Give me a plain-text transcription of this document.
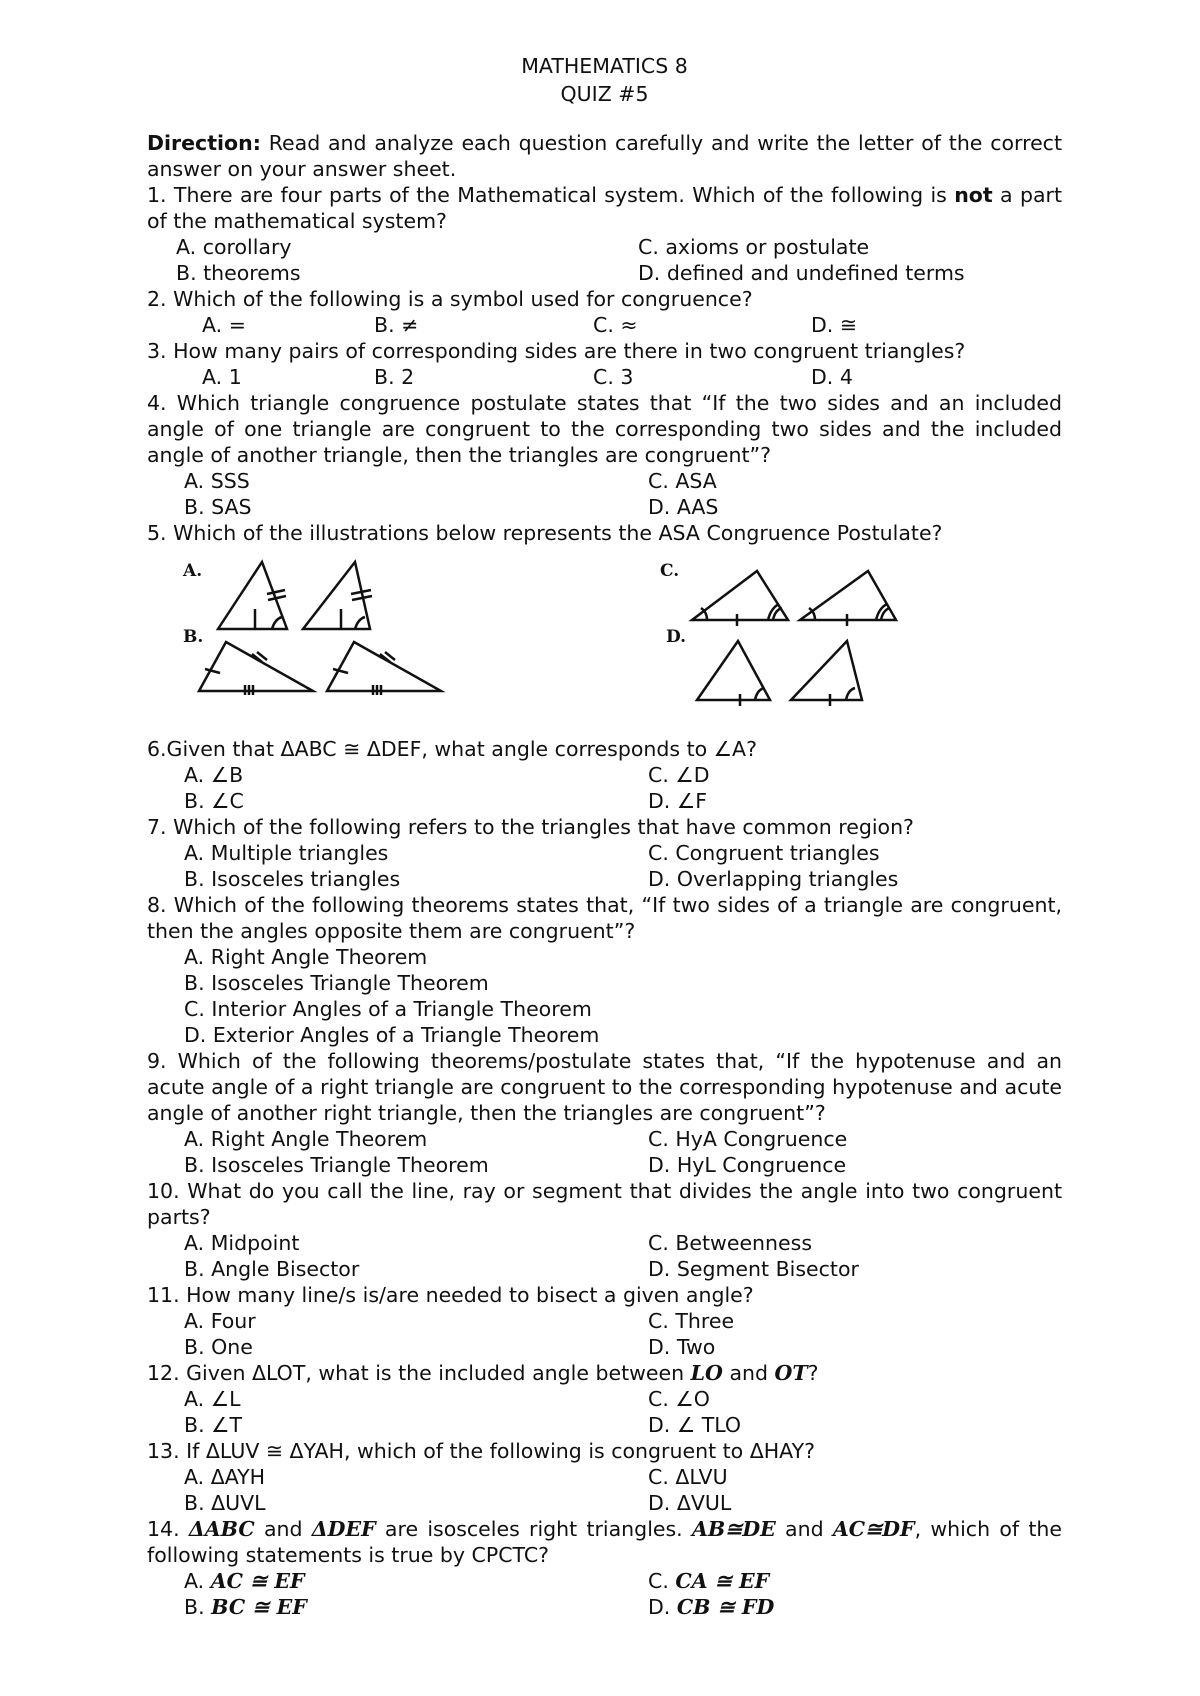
MATHEMATICS 8
QUIZ #5
Direction: Read and analyze each question carefully and write the letter of the correct answer on your answer sheet.
1. There are four parts of the Mathematical system. Which of the following is not a part of the mathematical system?
A. corollary	C. axioms or postulate
B. theorems	D. defined and undefined terms
2. Which of the following is a symbol used for congruence?
A. =	B. ≠	C. ≈	D. ≅
3. How many pairs of corresponding sides are there in two congruent triangles?
A. 1	B. 2	C. 3	D. 4
4. Which triangle congruence postulate states that “If the two sides and an included angle of one triangle are congruent to the corresponding two sides and the included angle of another triangle, then the triangles are congruent”?
A. SSS	C. ASA
B. SAS	D. AAS
5. Which of the illustrations below represents the ASA Congruence Postulate?
A.
B.
C.
D.
6.Given that ΔABC ≅ ΔDEF, what angle corresponds to ∠A?
A. ∠B	C. ∠D
B. ∠C	D. ∠F
7. Which of the following refers to the triangles that have common region?
A. Multiple triangles	C. Congruent triangles
B. Isosceles triangles	D. Overlapping triangles
8. Which of the following theorems states that, “If two sides of a triangle are congruent, then the angles opposite them are congruent”?
A. Right Angle Theorem
B. Isosceles Triangle Theorem
C. Interior Angles of a Triangle Theorem
D. Exterior Angles of a Triangle Theorem
9. Which of the following theorems/postulate states that, “If the hypotenuse and an acute angle of a right triangle are congruent to the corresponding hypotenuse and acute angle of another right triangle, then the triangles are congruent”?
A. Right Angle Theorem	C. HyA Congruence
B. Isosceles Triangle Theorem	D. HyL Congruence
10. What do you call the line, ray or segment that divides the angle into two congruent parts?
A. Midpoint	C. Betweenness
B. Angle Bisector	D. Segment Bisector
11. How many line/s is/are needed to bisect a given angle?
A. Four	C. Three
B. One	D. Two
12. Given ΔLOT, what is the included angle between LO and OT?
A. ∠L	C. ∠O
B. ∠T	D. ∠ TLO
13. If ΔLUV ≅ ΔYAH, which of the following is congruent to ΔHAY?
A. ΔAYH	C. ΔLVU
B. ΔUVL	D. ΔVUL
14. ΔABC and ΔDEF are isosceles right triangles. AB≅DE and AC≅DF, which of the following statements is true by CPCTC?
A. AC ≅ EF	C. CA ≅ EF
B. BC ≅ EF	D. CB ≅ FD
